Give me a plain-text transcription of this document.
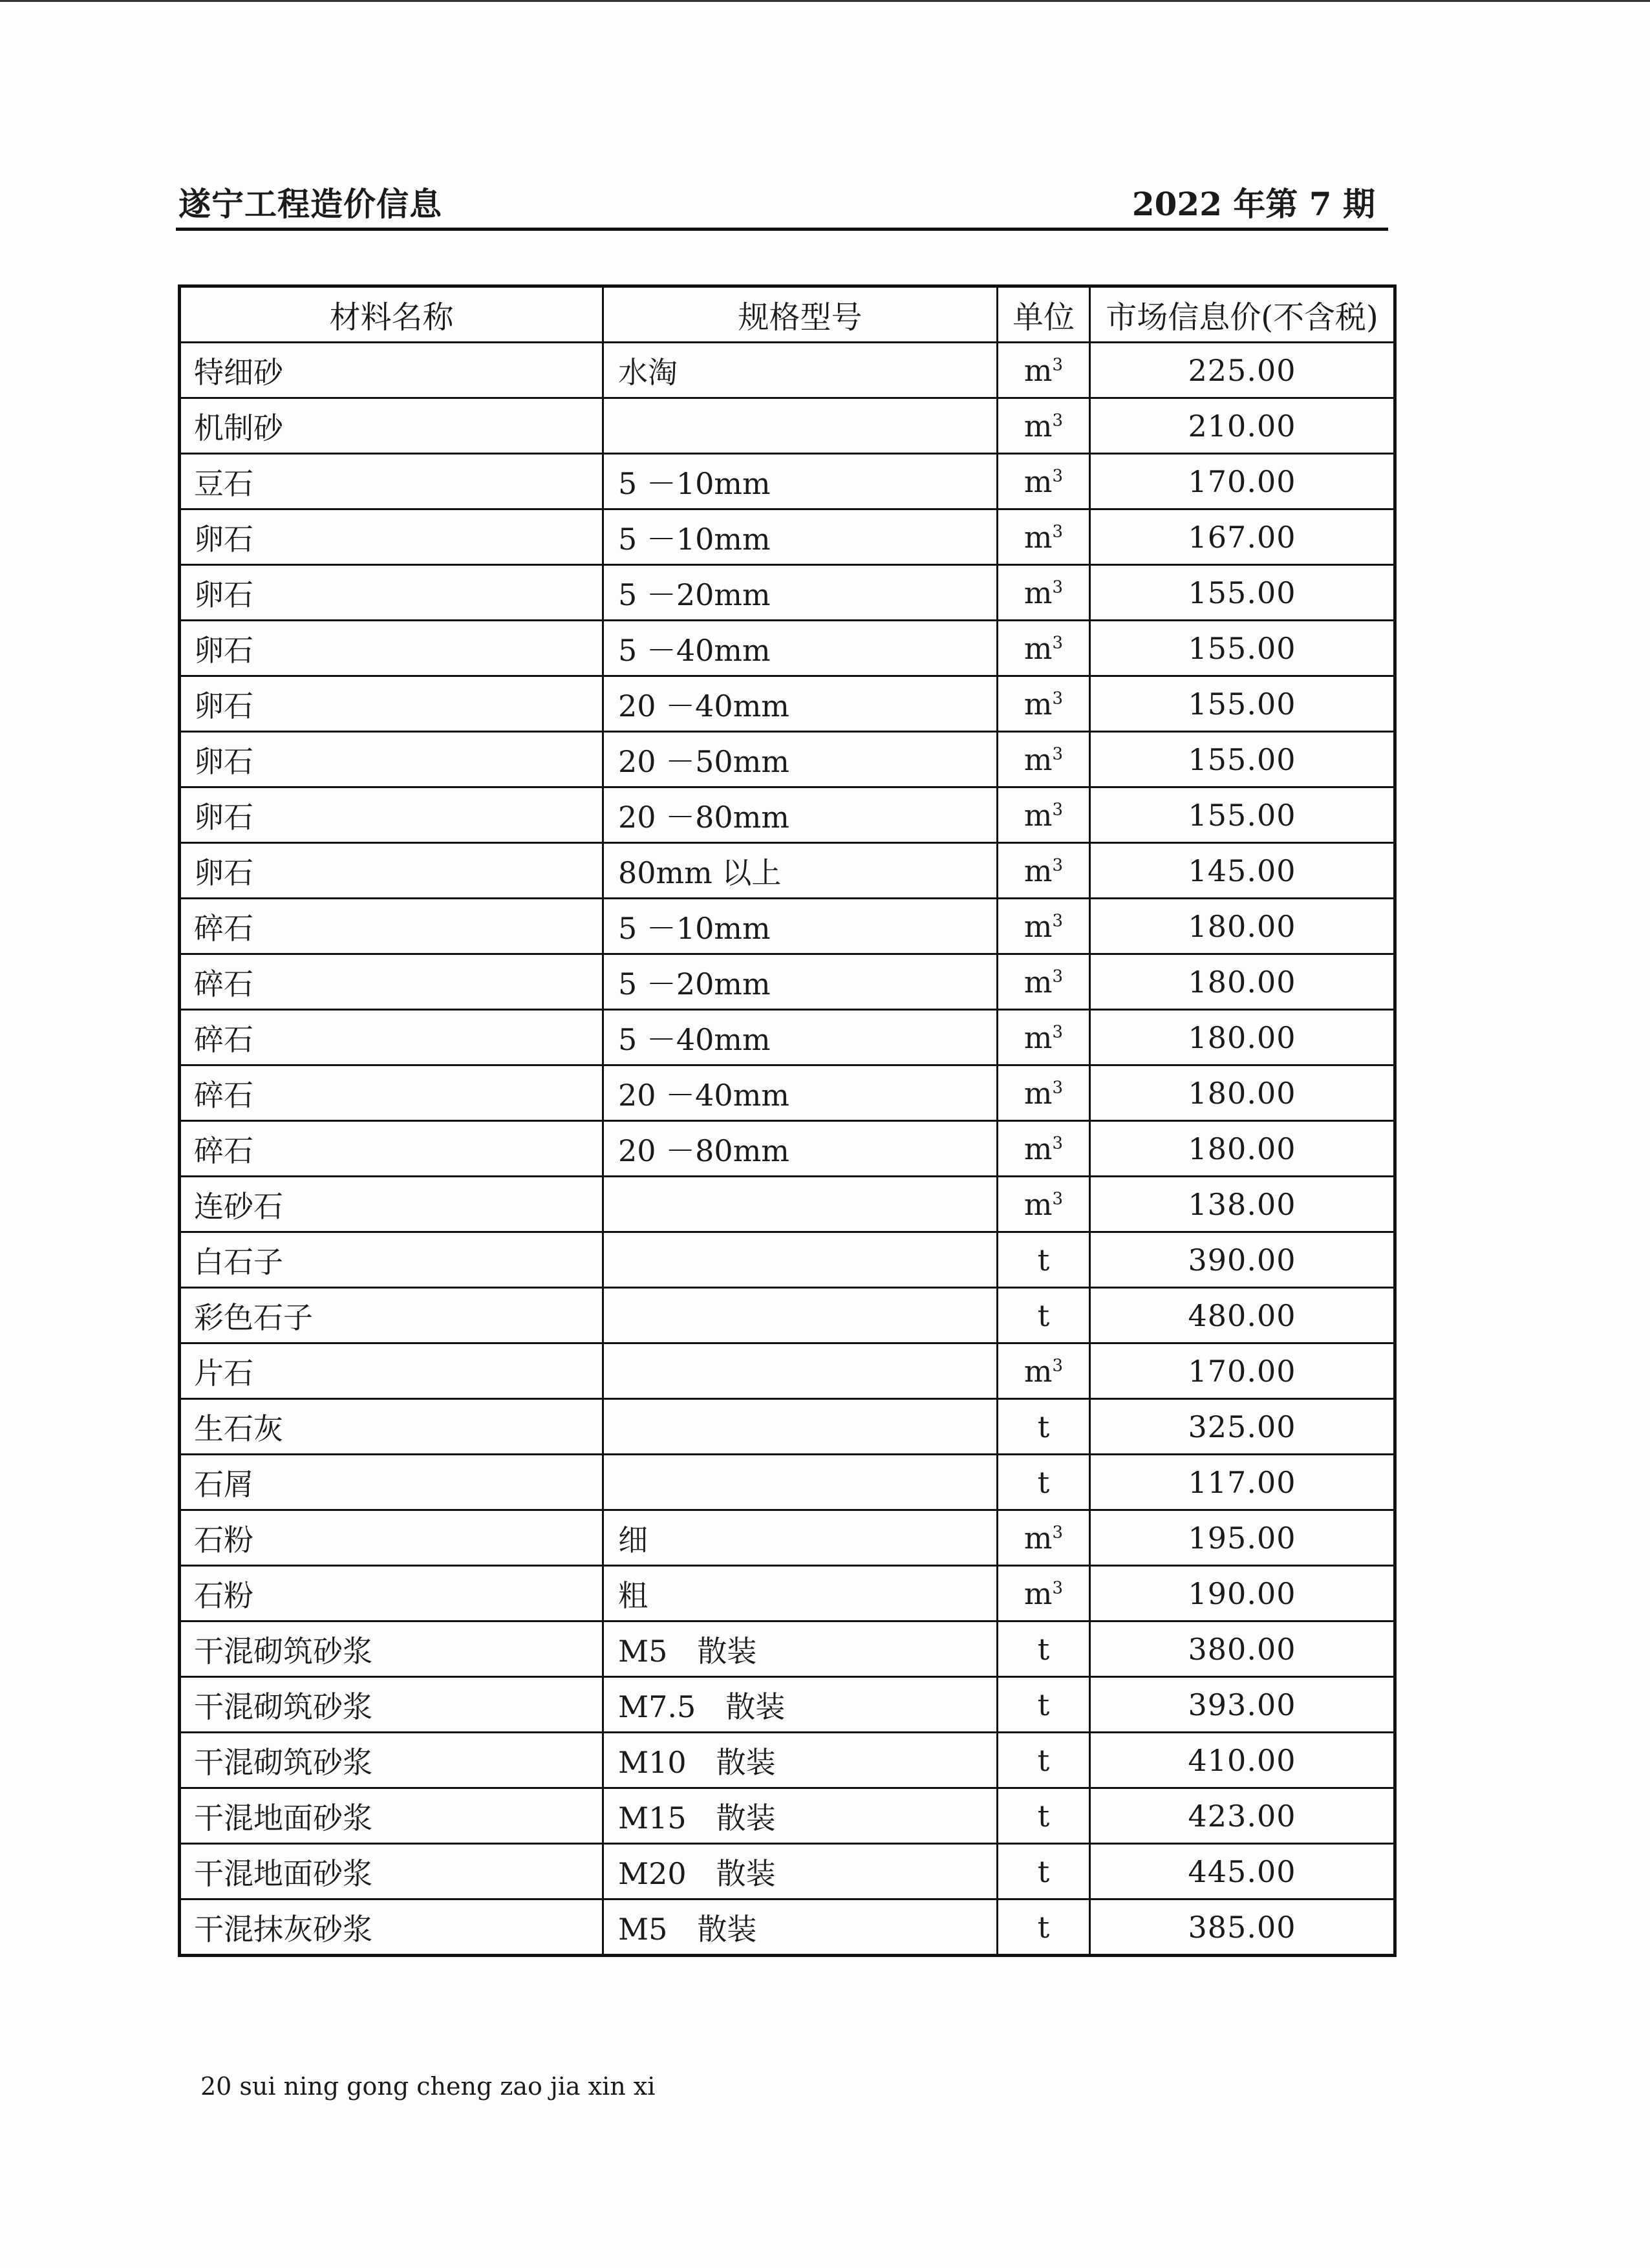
遂宁工程造价信息	2022 年第 7 期
材料名称	规格型号	单位	市场信息价(不含税)
特细砂	水淘	$m^3$	225.00
机制砂		$m^3$	210.00
豆石	5 －10mm	$m^3$	170.00
卵石	5 －10mm	$m^3$	167.00
卵石	5 －20mm	$m^3$	155.00
卵石	5 －40mm	$m^3$	155.00
卵石	20 －40mm	$m^3$	155.00
卵石	20 －50mm	$m^3$	155.00
卵石	20 －80mm	$m^3$	155.00
卵石	80mm 以上	$m^3$	145.00
碎石	5 －10mm	$m^3$	180.00
碎石	5 －20mm	$m^3$	180.00
碎石	5 －40mm	$m^3$	180.00
碎石	20 －40mm	$m^3$	180.00
碎石	20 －80mm	$m^3$	180.00
连砂石		$m^3$	138.00
白石子		t	390.00
彩色石子		t	480.00
片石		$m^3$	170.00
生石灰		t	325.00
石屑		t	117.00
石粉	细	$m^3$	195.00
石粉	粗	$m^3$	190.00
干混砌筑砂浆	M5　散装	t	380.00
干混砌筑砂浆	M7.5　散装	t	393.00
干混砌筑砂浆	M10　散装	t	410.00
干混地面砂浆	M15　散装	t	423.00
干混地面砂浆	M20　散装	t	445.00
干混抹灰砂浆	M5　散装	t	385.00
20 sui ning gong cheng zao jia xin xi
